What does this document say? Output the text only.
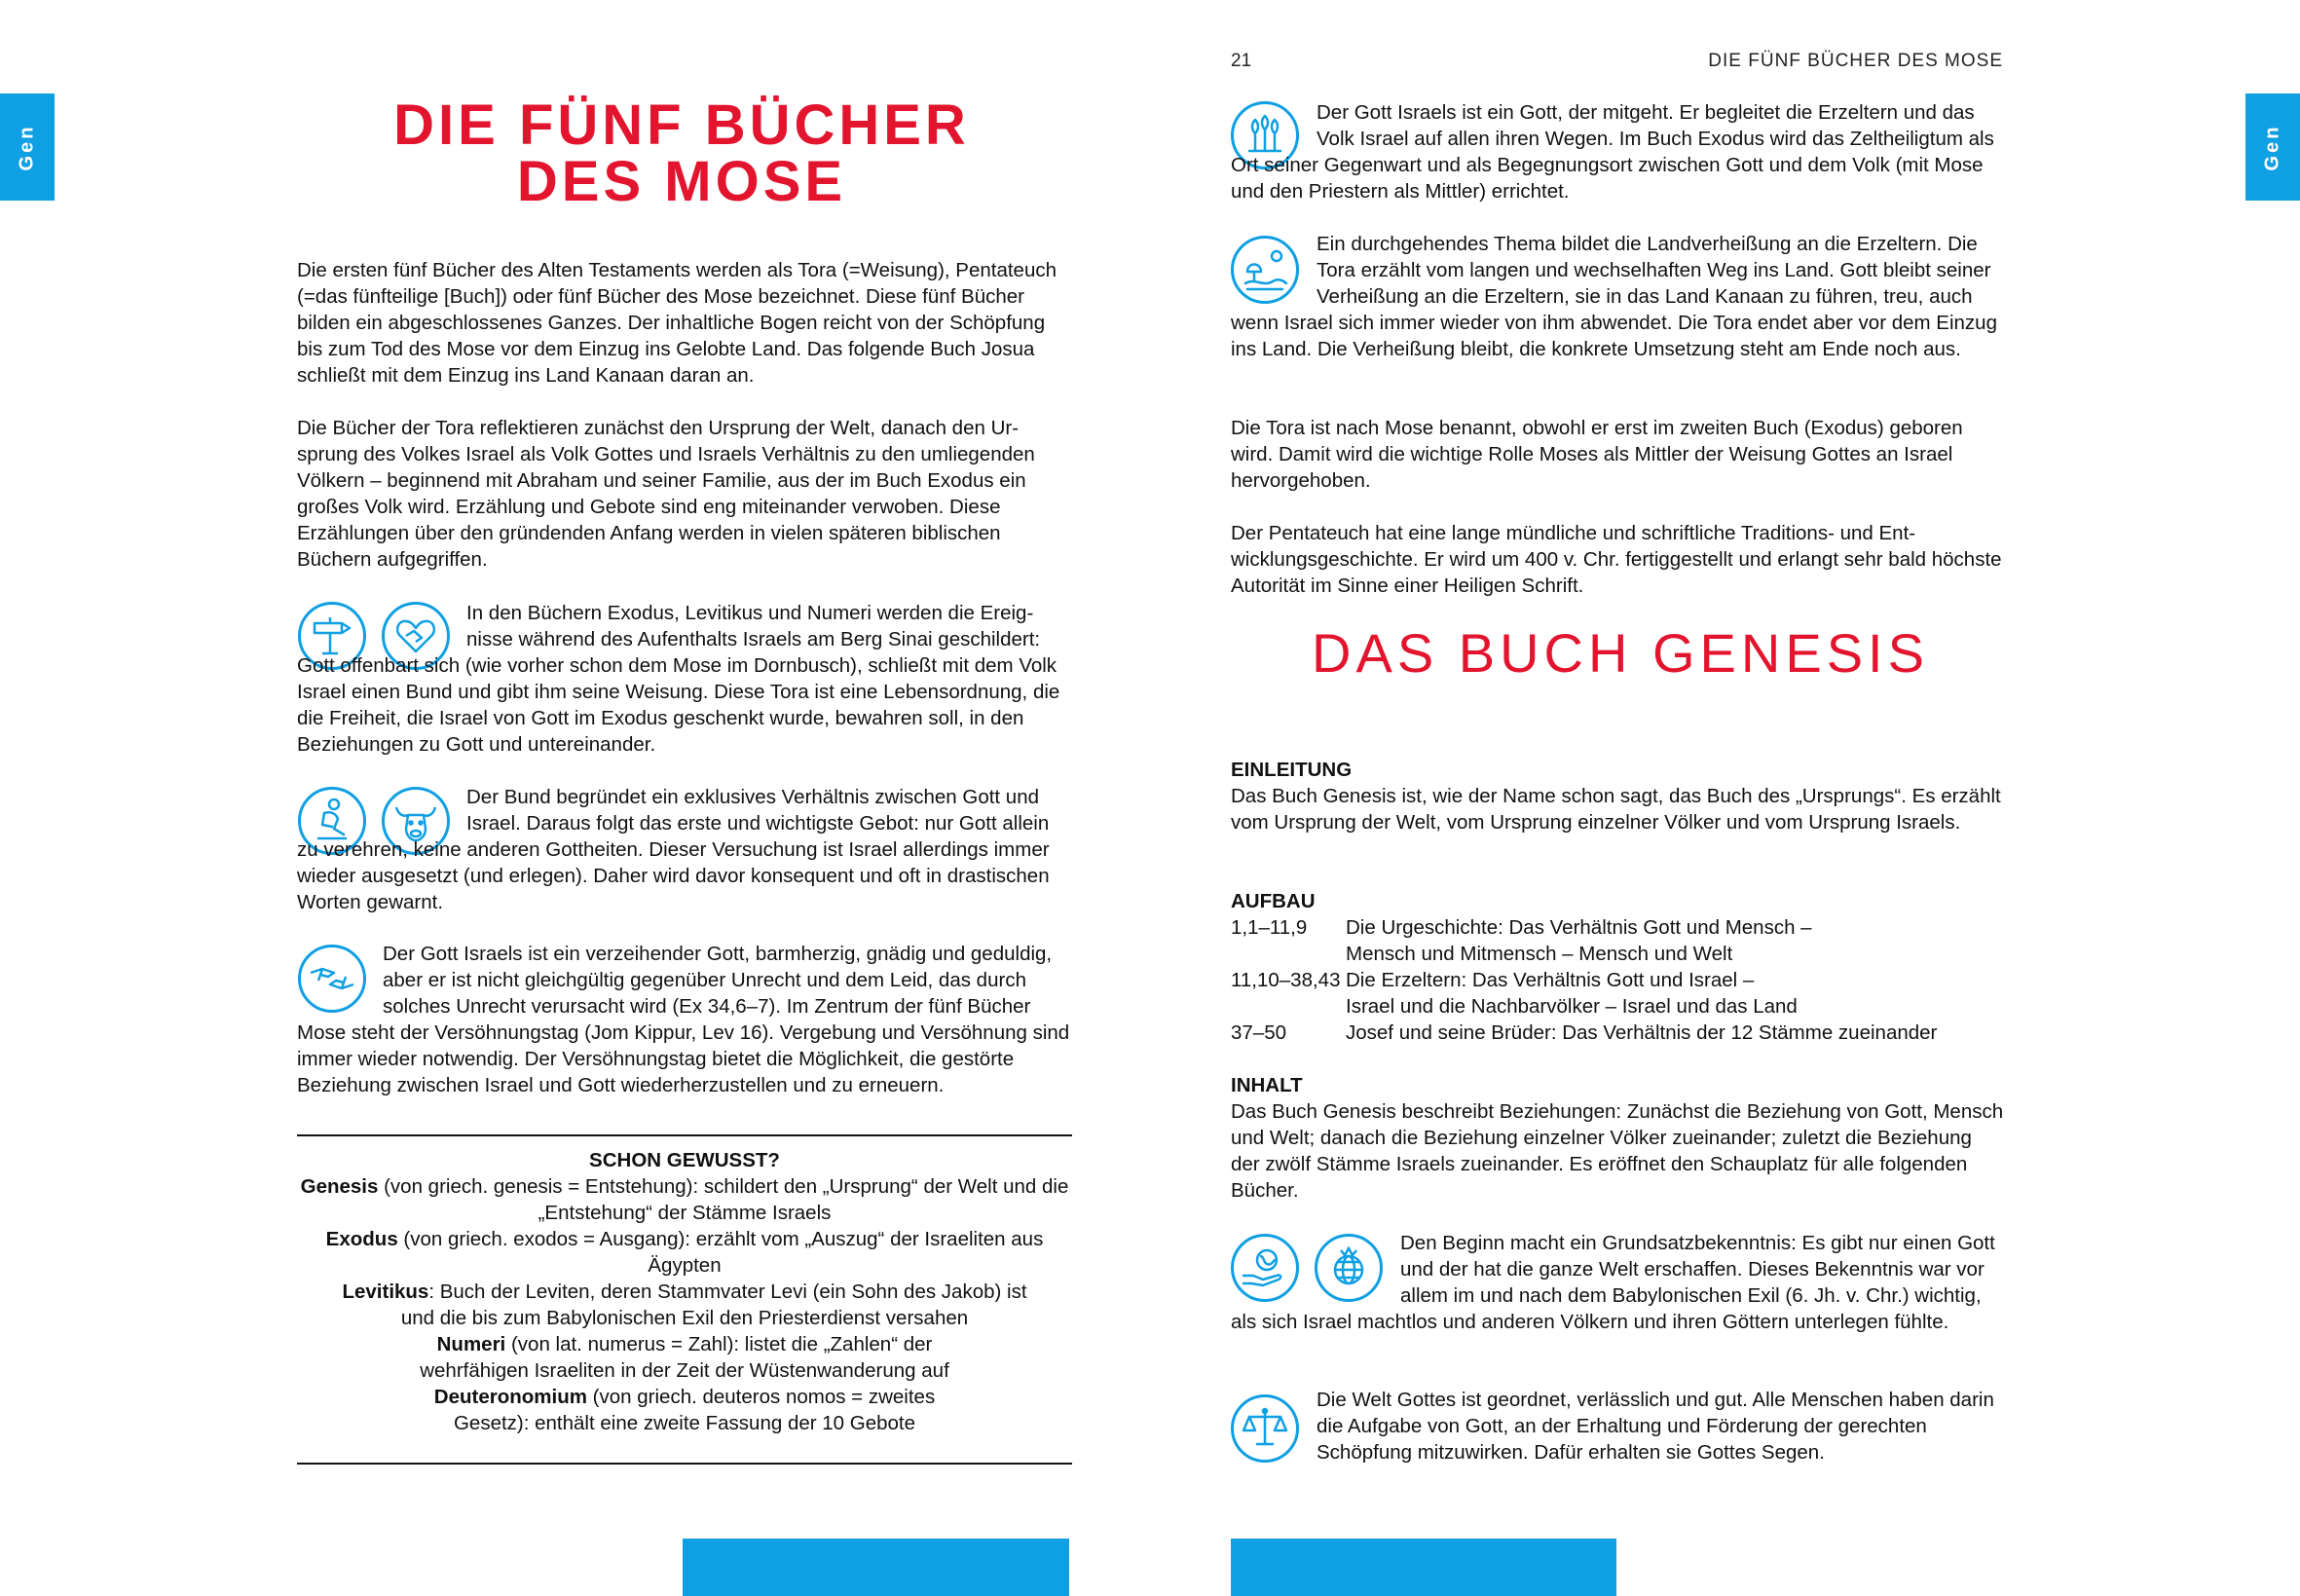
Gen	DIE FÜNF BÜCHER
DES MOSE

Die ersten fünf Bücher des Alten Testaments werden als Tora (=Weisung), Pentateuch (=das fünfteilige [Buch]) oder fünf Bücher des Mose bezeichnet. Diese fünf Bücher bilden ein abgeschlossenes Ganzes. Der inhaltliche Bogen reicht von der Schöpfung bis zum Tod des Mose vor dem Einzug ins Gelobte Land. Das folgende Buch Josua schließt mit dem Einzug ins Land Kanaan daran an.

Die Bücher der Tora reflektieren zunächst den Ursprung der Welt, danach den Ursprung des Volkes Israel als Volk Gottes und Israels Verhältnis zu den umliegenden Völkern – beginnend mit Abraham und seiner Familie, aus der im Buch Exodus ein großes Volk wird. Erzählung und Gebote sind eng miteinander verwoben. Diese Erzählungen über den gründenden Anfang werden in vielen späteren biblischen Büchern aufgegriffen.

In den Büchern Exodus, Levitikus und Numeri werden die Ereignisse während des Aufenthalts Israels am Berg Sinai geschildert: Gott offenbart sich (wie vorher schon dem Mose im Dornbusch), schließt mit dem Volk Israel einen Bund und gibt ihm seine Weisung. Diese Tora ist eine Lebensordnung, die die Freiheit, die Israel von Gott im Exodus geschenkt wurde, bewahren soll, in den Beziehungen zu Gott und untereinander.

Der Bund begründet ein exklusives Verhältnis zwischen Gott und Israel. Daraus folgt das erste und wichtigste Gebot: nur Gott allein zu verehren, keine anderen Gottheiten. Dieser Versuchung ist Israel allerdings immer wieder ausgesetzt (und erlegen). Daher wird davor konsequent und oft in drastischen Worten gewarnt.

Der Gott Israels ist ein verzeihender Gott, barmherzig, gnädig und geduldig, aber er ist nicht gleichgültig gegenüber Unrecht und dem Leid, das durch solches Unrecht verursacht wird (Ex 34,6–7). Im Zentrum der fünf Bücher Mose steht der Versöhnungstag (Jom Kippur, Lev 16). Vergebung und Versöhnung sind immer wieder notwendig. Der Versöhnungstag bietet die Möglichkeit, die gestörte Beziehung zwischen Israel und Gott wiederherzustellen und zu erneuern.

SCHON GEWUSST?
Genesis (von griech. genesis = Entstehung): schildert den „Ursprung“ der Welt und die „Entstehung“ der Stämme Israels
Exodus (von griech. exodos = Ausgang): erzählt vom „Auszug“ der Israeliten aus Ägypten
Levitikus: Buch der Leviten, deren Stammvater Levi (ein Sohn des Jakob) ist und die bis zum Babylonischen Exil den Priesterdienst versahen
Numeri (von lat. numerus = Zahl): listet die „Zahlen“ der wehrfähigen Israeliten in der Zeit der Wüstenwanderung auf
Deuteronomium (von griech. deuteros nomos = zweites Gesetz): enthält eine zweite Fassung der 10 Gebote
21	DIE FÜNF BÜCHER DES MOSE
Gen

Der Gott Israels ist ein Gott, der mitgeht. Er begleitet die Erzeltern und das Volk Israel auf allen ihren Wegen. Im Buch Exodus wird das Zeltheiligtum als Ort seiner Gegenwart und als Begegnungsort zwischen Gott und dem Volk (mit Mose und den Priestern als Mittler) errichtet.

Ein durchgehendes Thema bildet die Landverheißung an die Erzeltern. Die Tora erzählt vom langen und wechselhaften Weg ins Land. Gott bleibt seiner Verheißung an die Erzeltern, sie in das Land Kanaan zu führen, treu, auch wenn Israel sich immer wieder von ihm abwendet. Die Tora endet aber vor dem Einzug ins Land. Die Verheißung bleibt, die konkrete Umsetzung steht am Ende noch aus.

Die Tora ist nach Mose benannt, obwohl er erst im zweiten Buch (Exodus) geboren wird. Damit wird die wichtige Rolle Moses als Mittler der Weisung Gottes an Israel hervorgehoben.

Der Pentateuch hat eine lange mündliche und schriftliche Traditions- und Entwicklungsgeschichte. Er wird um 400 v. Chr. fertiggestellt und erlangt sehr bald höchste Autorität im Sinne einer Heiligen Schrift.

DAS BUCH GENESIS
EINLEITUNG
Das Buch Genesis ist, wie der Name schon sagt, das Buch des „Ursprungs“. Es erzählt vom Ursprung der Welt, vom Ursprung einzelner Völker und vom Ursprung Israels.
AUFBAU
1,1–11,9	Die Urgeschichte: Das Verhältnis Gott und Mensch –
Mensch und Mitmensch – Mensch und Welt
11,10–38,43 Die Erzeltern: Das Verhältnis Gott und Israel –
Israel und die Nachbarvölker – Israel und das Land
37–50	Josef und seine Brüder: Das Verhältnis der 12 Stämme zueinander
INHALT
Das Buch Genesis beschreibt Beziehungen: Zunächst die Beziehung von Gott, Mensch und Welt; danach die Beziehung einzelner Völker zueinander; zuletzt die Beziehung der zwölf Stämme Israels zueinander. Es eröffnet den Schauplatz für alle folgenden Bücher.

Den Beginn macht ein Grundsatzbekenntnis: Es gibt nur einen Gott und der hat die ganze Welt erschaffen. Dieses Bekenntnis war vor allem im und nach dem Babylonischen Exil (6. Jh. v. Chr.) wichtig, als sich Israel machtlos und anderen Völkern und ihren Göttern unterlegen fühlte.

Die Welt Gottes ist geordnet, verlässlich und gut. Alle Menschen haben darin die Aufgabe von Gott, an der Erhaltung und Förderung der gerechten Schöpfung mitzuwirken. Dafür erhalten sie Gottes Segen.
